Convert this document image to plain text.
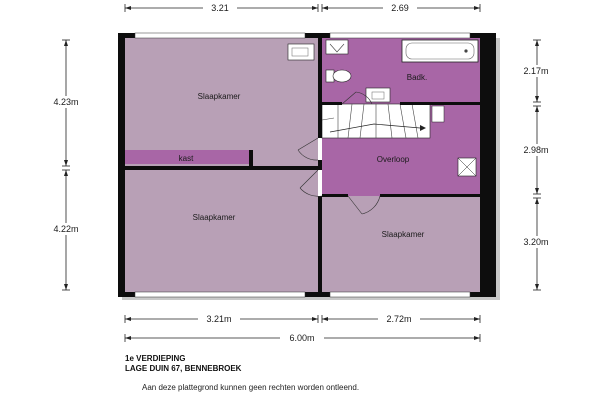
3.21	2.69
3.21m	2.72m
6.00m
4.23m
4.22m
2.17m
2.98m
3.20m
Slaapkamer
kast
Badk.
Overloop
Slaapkamer
Slaapkamer
1e VERDIEPING
LAGE DUIN 67, BENNEBROEK
Aan deze plattegrond kunnen geen rechten worden ontleend.
